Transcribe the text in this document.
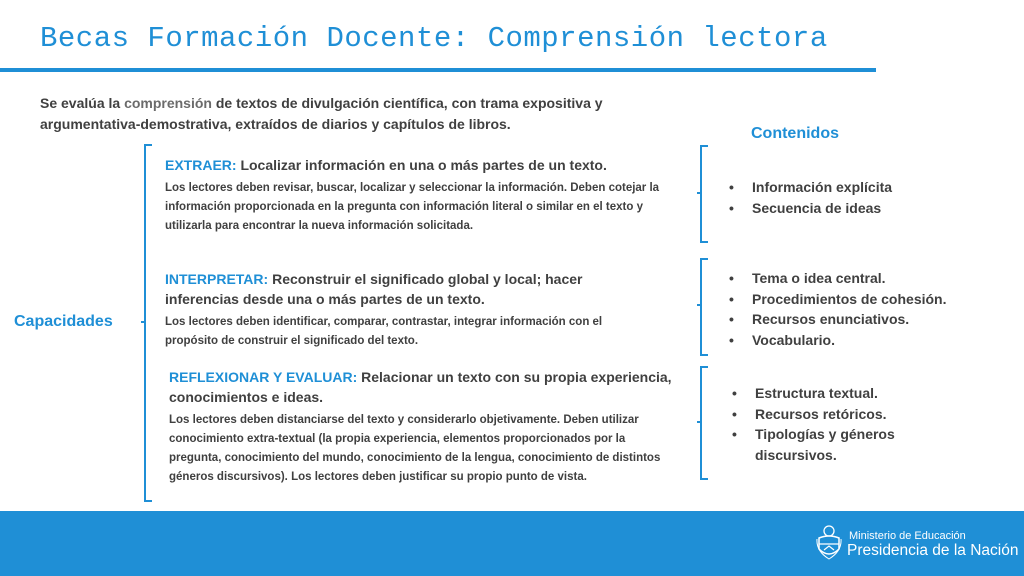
Becas Formación Docente: Comprensión lectora
Se evalúa la comprensión de textos de divulgación científica, con trama expositiva y argumentativa-demostrativa, extraídos de diarios y capítulos de libros.
Capacidades
Contenidos
EXTRAER: Localizar información en una o más partes de un texto.
Los lectores deben revisar, buscar, localizar y seleccionar la información. Deben cotejar la información proporcionada en la pregunta con información literal o similar en el texto y utilizarla para encontrar la nueva información solicitada.
INTERPRETAR: Reconstruir el significado global y local; hacer inferencias desde una o más partes de un texto.
Los lectores deben identificar, comparar, contrastar, integrar información con el propósito de construir el significado del texto.
REFLEXIONAR Y EVALUAR: Relacionar un texto con su propia experiencia, conocimientos e ideas.
Los lectores deben distanciarse del texto y considerarlo objetivamente. Deben utilizar conocimiento extra-textual (la propia experiencia, elementos proporcionados por la pregunta, conocimiento del mundo, conocimiento de la lengua, conocimiento de distintos géneros discursivos). Los lectores deben justificar su propio punto de vista.
• Información explícita
• Secuencia de ideas
• Tema o idea central.
• Procedimientos de cohesión.
• Recursos enunciativos.
• Vocabulario.
• Estructura textual.
• Recursos retóricos.
• Tipologías y géneros discursivos.
Ministerio de Educación
Presidencia de la Nación
